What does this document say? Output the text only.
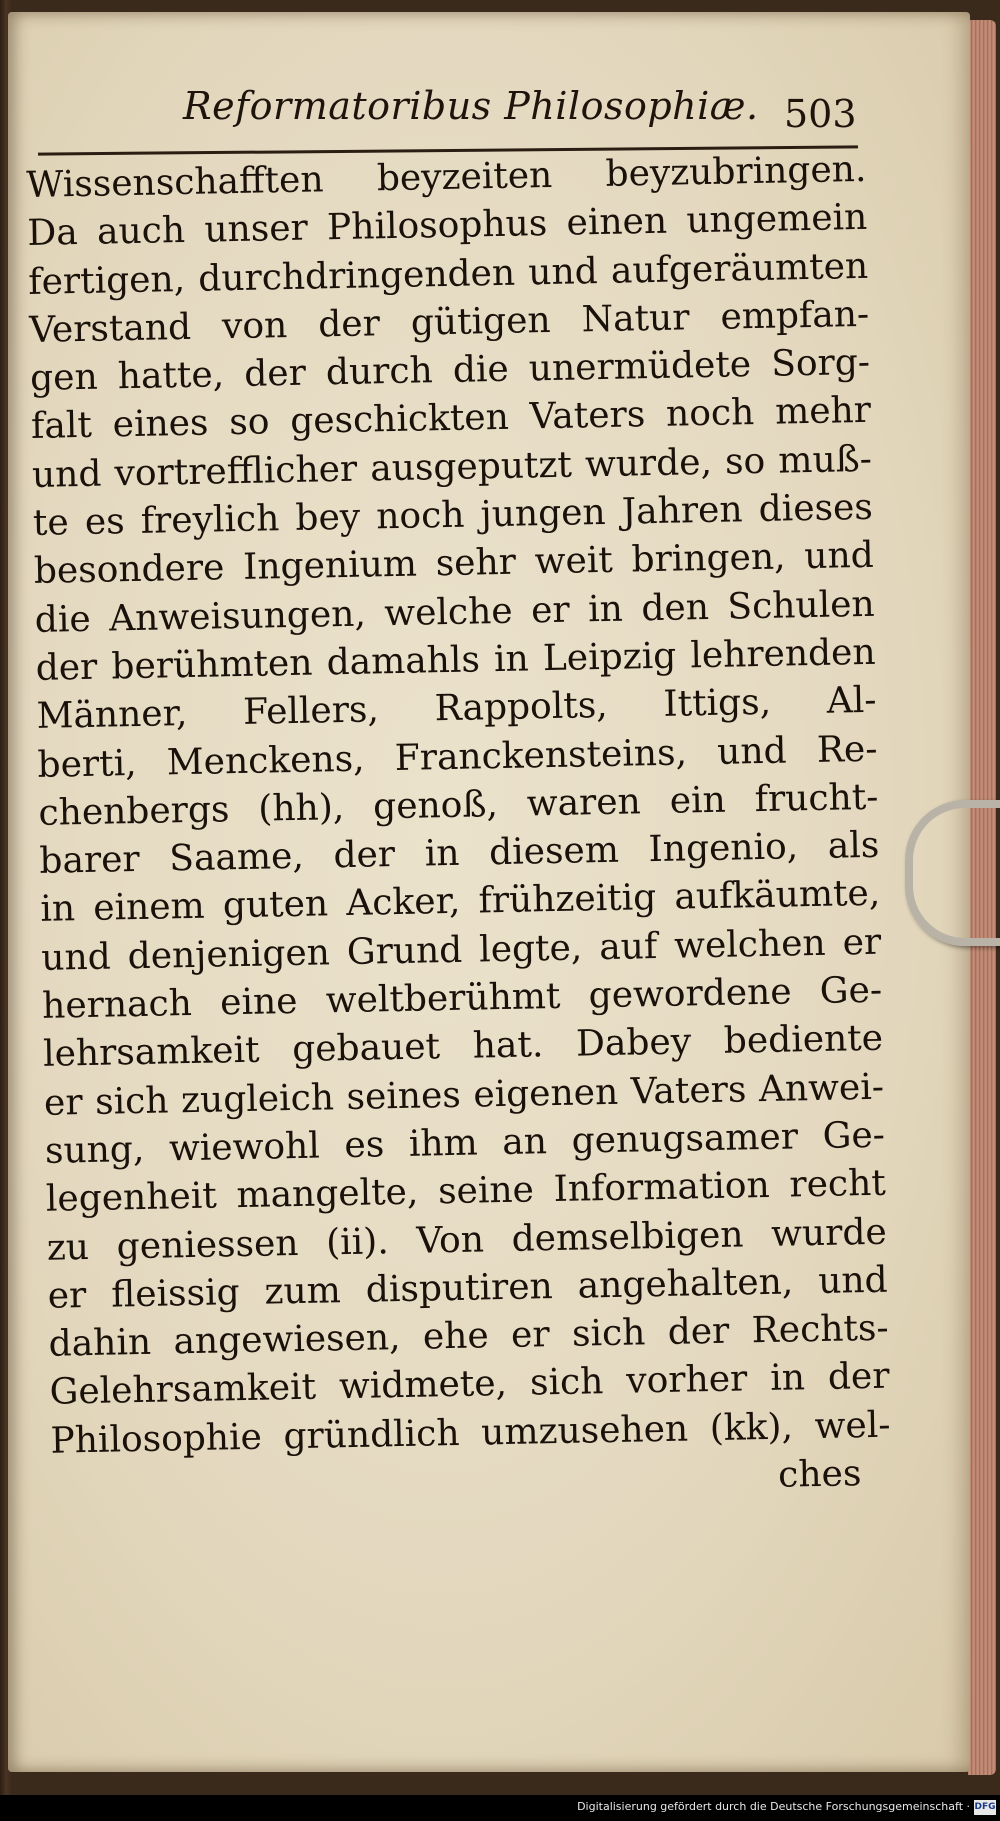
Reformatoribus Philosophiæ. 503
Wissenschafften beyzeiten beyzubringen.
Da auch unser Philosophus einen ungemein
fertigen, durchdringenden und aufgeräumten
Verstand von der gütigen Natur empfan-
gen hatte, der durch die unermüdete Sorg-
falt eines so geschickten Vaters noch mehr
und vortrefflicher ausgeputzt wurde, so muß-
te es freylich bey noch jungen Jahren dieses
besondere Ingenium sehr weit bringen, und
die Anweisungen, welche er in den Schulen
der berühmten damahls in Leipzig lehrenden
Männer, Fellers, Rappolts, Ittigs, Al-
berti, Menckens, Franckensteins, und Re-
chenbergs (hh), genoß, waren ein frucht-
barer Saame, der in diesem Ingenio, als
in einem guten Acker, frühzeitig aufkäumte,
und denjenigen Grund legte, auf welchen er
hernach eine weltberühmt gewordene Ge-
lehrsamkeit gebauet hat. Dabey bediente
er sich zugleich seines eigenen Vaters Anwei-
sung, wiewohl es ihm an genugsamer Ge-
legenheit mangelte, seine Information recht
zu geniessen (ii). Von demselbigen wurde
er fleissig zum disputiren angehalten, und
dahin angewiesen, ehe er sich der Rechts-
Gelehrsamkeit widmete, sich vorher in der
Philosophie gründlich umzusehen (kk), wel-
ches
Digitalisierung gefördert durch die Deutsche Forschungsgemeinschaft · DFG
